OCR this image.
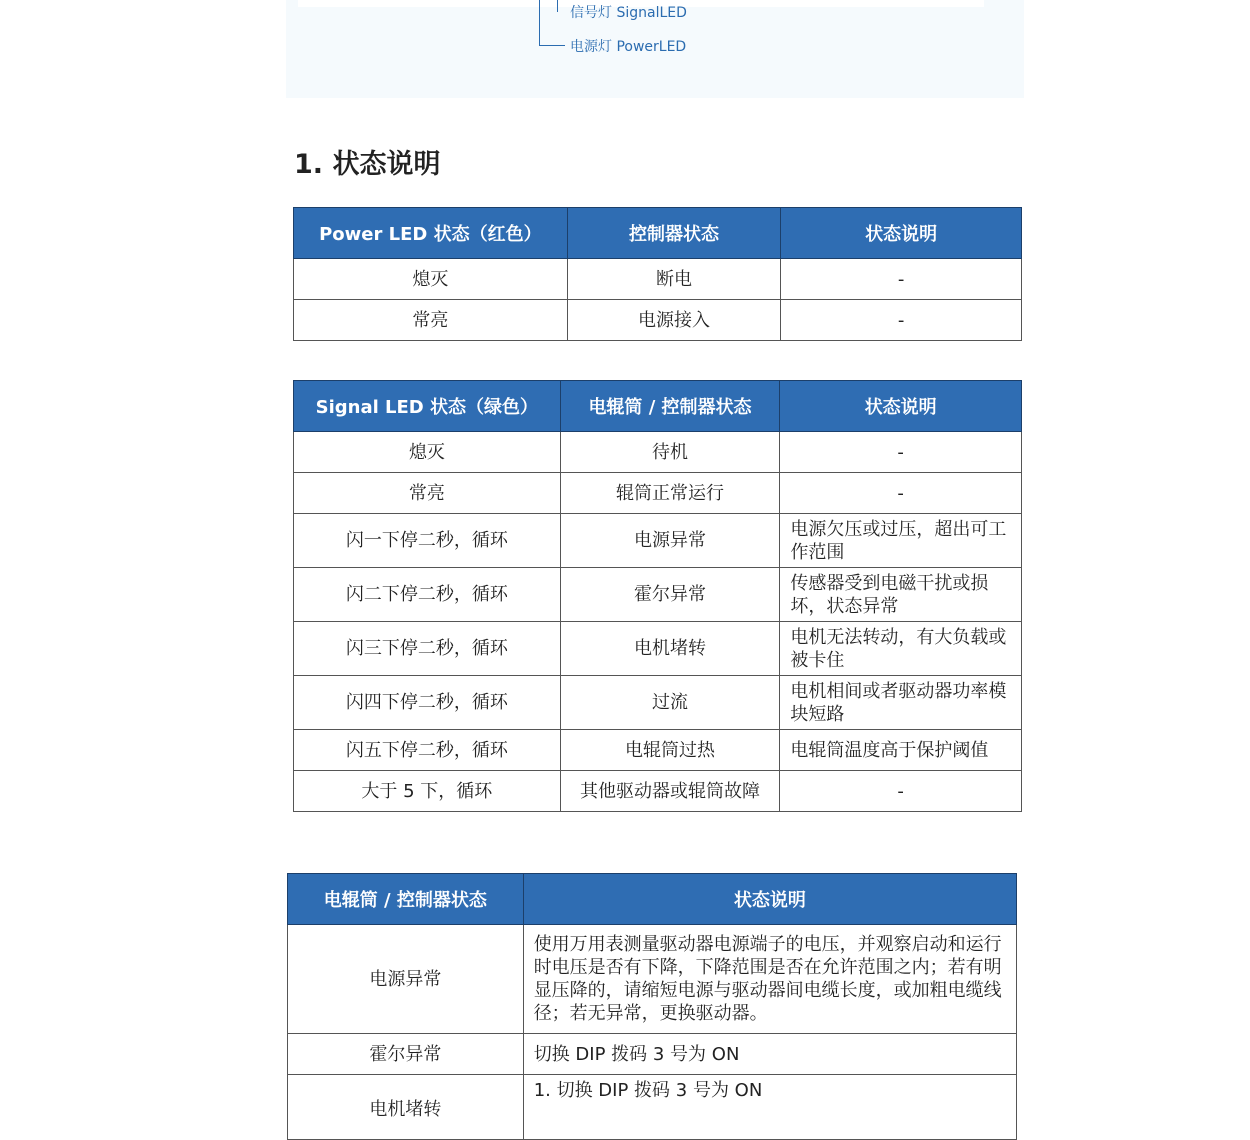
信号灯 SignalLED
电源灯 PowerLED
1. 状态说明
Power LED 状态（红色）	控制器状态	状态说明
熄灭	断电	-
常亮	电源接入	-
Signal LED 状态（绿色）	电辊筒 / 控制器状态	状态说明
熄灭	待机	-
常亮	辊筒正常运行	-
闪一下停二秒，循环	电源异常	电源欠压或过压，超出可工作范围
闪二下停二秒，循环	霍尔异常	传感器受到电磁干扰或损坏，状态异常
闪三下停二秒，循环	电机堵转	电机无法转动，有大负载或被卡住
闪四下停二秒，循环	过流	电机相间或者驱动器功率模块短路
闪五下停二秒，循环	电辊筒过热	电辊筒温度高于保护阈值
大于 5 下，循环	其他驱动器或辊筒故障	-
电辊筒 / 控制器状态	状态说明
电源异常	使用万用表测量驱动器电源端子的电压，并观察启动和运行时电压是否有下降，下降范围是否在允许范围之内；若有明显压降的，请缩短电源与驱动器间电缆长度，或加粗电缆线径；若无异常，更换驱动器。
霍尔异常	切换 DIP 拨码 3 号为 ON
电机堵转	1. 切换 DIP 拨码 3 号为 ON
